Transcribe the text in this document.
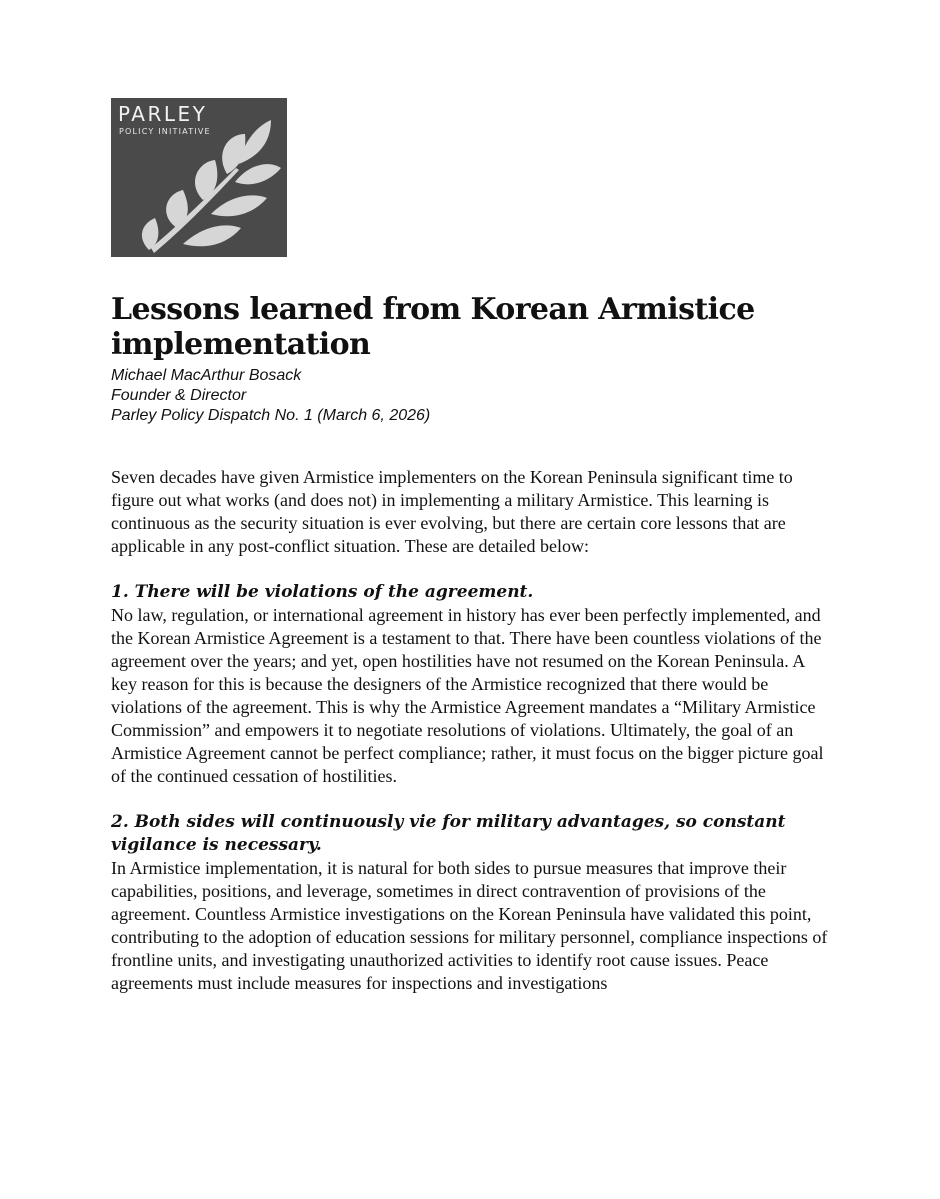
PARLEY
POLICY INITIATIVE
Lessons learned from Korean Armistice implementation
Michael MacArthur Bosack
Founder & Director
Parley Policy Dispatch No. 1 (March 6, 2026)

Seven decades have given Armistice implementers on the Korean Peninsula significant time to figure out what works (and does not) in implementing a military Armistice. This learning is continuous as the security situation is ever evolving, but there are certain core lessons that are applicable in any post-conflict situation. These are detailed below:

1. There will be violations of the agreement.

No law, regulation, or international agreement in history has ever been perfectly implemented, and the Korean Armistice Agreement is a testament to that. There have been countless violations of the agreement over the years; and yet, open hostilities have not resumed on the Korean Peninsula. A key reason for this is because the designers of the Armistice recognized that there would be violations of the agreement. This is why the Armistice Agreement mandates a “Military Armistice Commission” and empowers it to negotiate resolutions of violations. Ultimately, the goal of an Armistice Agreement cannot be perfect compliance; rather, it must focus on the bigger picture goal of the continued cessation of hostilities.

2. Both sides will continuously vie for military advantages, so constant vigilance is necessary.

In Armistice implementation, it is natural for both sides to pursue measures that improve their capabilities, positions, and leverage, sometimes in direct contravention of provisions of the agreement. Countless Armistice investigations on the Korean Peninsula have validated this point, contributing to the adoption of education sessions for military personnel, compliance inspections of frontline units, and investigating unauthorized activities to identify root cause issues. Peace agreements must include measures for inspections and investigations
